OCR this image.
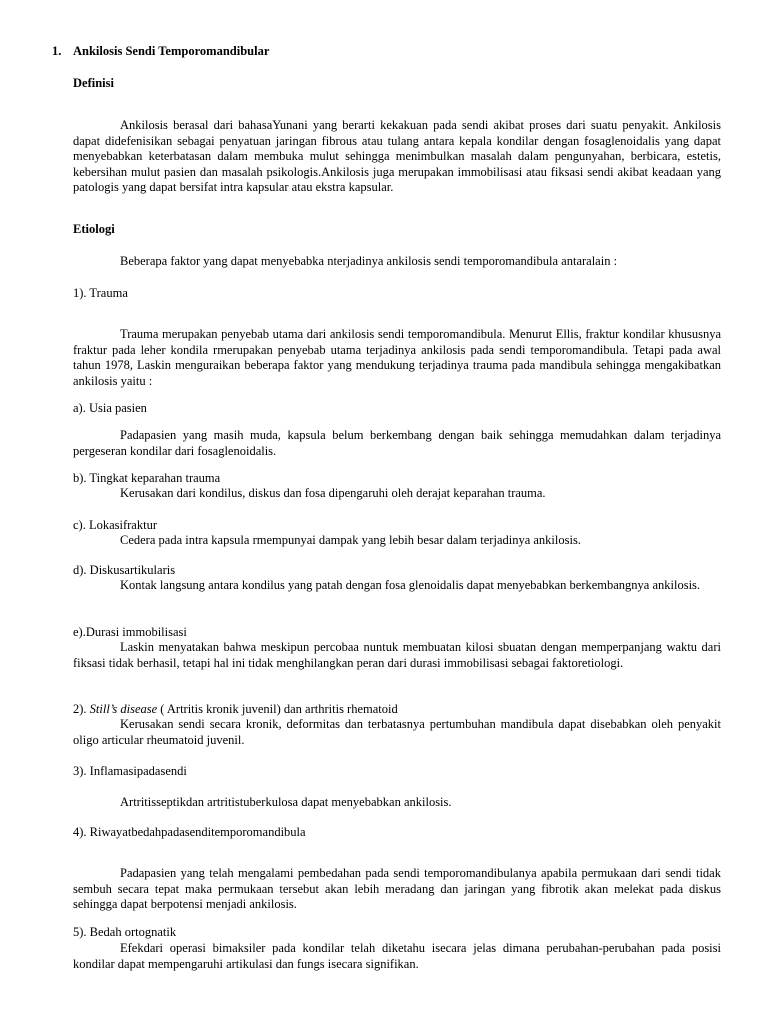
1. Ankilosis Sendi Temporomandibular

Definisi

Ankilosis berasal dari bahasaYunani yang berarti kekakuan pada sendi akibat proses dari suatu penyakit. Ankilosis dapat didefenisikan sebagai penyatuan jaringan fibrous atau tulang antara kepala kondilar dengan fosaglenoidalis yang dapat menyebabkan keterbatasan dalam membuka mulut sehingga menimbulkan masalah dalam pengunyahan, berbicara, estetis, kebersihan mulut pasien dan masalah psikologis.Ankilosis juga merupakan immobilisasi atau fiksasi sendi akibat keadaan yang patologis yang dapat bersifat intra kapsular atau ekstra kapsular.

Etiologi

Beberapa faktor yang dapat menyebabka nterjadinya ankilosis sendi temporomandibula antaralain :

1). Trauma

Trauma merupakan penyebab utama dari ankilosis sendi temporomandibula. Menurut Ellis, fraktur kondilar khususnya fraktur pada leher kondila rmerupakan penyebab utama terjadinya ankilosis pada sendi temporomandibula. Tetapi pada awal tahun 1978, Laskin menguraikan beberapa faktor yang mendukung terjadinya trauma pada mandibula sehingga mengakibatkan ankilosis yaitu :

a). Usia pasien

Padapasien yang masih muda, kapsula belum berkembang dengan baik sehingga memudahkan dalam terjadinya pergeseran kondilar dari fosaglenoidalis.

b). Tingkat keparahan trauma

Kerusakan dari kondilus, diskus dan fosa dipengaruhi oleh derajat keparahan trauma.

c). Lokasifraktur

Cedera pada intra kapsula rmempunyai dampak yang lebih besar dalam terjadinya ankilosis.

d). Diskusartikularis

Kontak langsung antara kondilus yang patah dengan fosa glenoidalis dapat menyebabkan berkembangnya ankilosis.

e).Durasi immobilisasi

Laskin menyatakan bahwa meskipun percobaa nuntuk membuatan kilosi sbuatan dengan memperpanjang waktu dari fiksasi tidak berhasil, tetapi hal ini tidak menghilangkan peran dari durasi immobilisasi sebagai faktoretiologi.

2). Still’s disease ( Artritis kronik juvenil) dan arthritis rhematoid

Kerusakan sendi secara kronik, deformitas dan terbatasnya pertumbuhan mandibula dapat disebabkan oleh penyakit oligo articular rheumatoid juvenil.

3). Inflamasipadasendi

Artritisseptikdan artritistuberkulosa dapat menyebabkan ankilosis.

4). Riwayatbedahpadasenditemporomandibula

Padapasien yang telah mengalami pembedahan pada sendi temporomandibulanya apabila permukaan dari sendi tidak sembuh secara tepat maka permukaan tersebut akan lebih meradang dan jaringan yang fibrotik akan melekat pada diskus sehingga dapat berpotensi menjadi ankilosis.

5). Bedah ortognatik

Efekdari operasi bimaksiler pada kondilar telah diketahu isecara jelas dimana perubahan-perubahan pada posisi kondilar dapat mempengaruhi artikulasi dan fungs isecara signifikan.
